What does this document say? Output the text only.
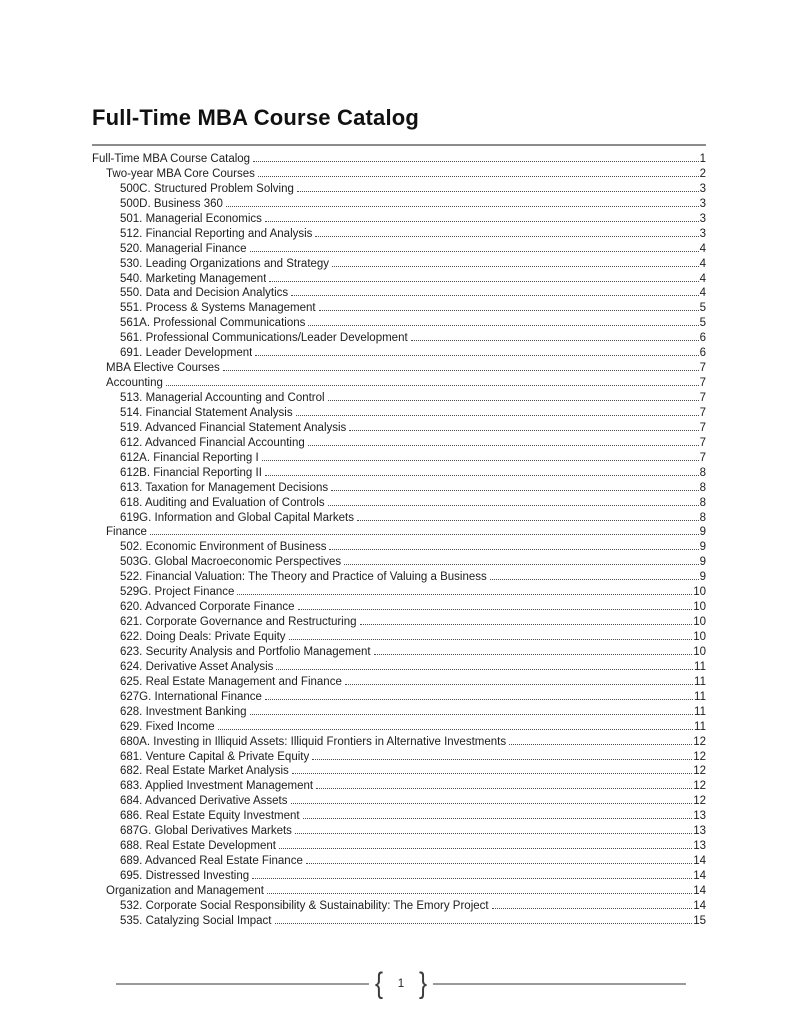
Full-Time MBA Course Catalog
Full-Time MBA Course Catalog	1
Two-year MBA Core Courses	2
500C. Structured Problem Solving	3
500D. Business 360	3
501. Managerial Economics	3
512. Financial Reporting and Analysis	3
520. Managerial Finance	4
530. Leading Organizations and Strategy	4
540. Marketing Management	4
550. Data and Decision Analytics	4
551. Process & Systems Management	5
561A. Professional Communications	5
561. Professional Communications/Leader Development	6
691. Leader Development	6
MBA Elective Courses	7
Accounting	7
513. Managerial Accounting and Control	7
514. Financial Statement Analysis	7
519. Advanced Financial Statement Analysis	7
612. Advanced Financial Accounting	7
612A. Financial Reporting I	7
612B. Financial Reporting II	8
613. Taxation for Management Decisions	8
618. Auditing and Evaluation of Controls	8
619G. Information and Global Capital Markets	8
Finance	9
502. Economic Environment of Business	9
503G. Global Macroeconomic Perspectives	9
522. Financial Valuation: The Theory and Practice of Valuing a Business	9
529G. Project Finance	10
620. Advanced Corporate Finance	10
621. Corporate Governance and Restructuring	10
622. Doing Deals: Private Equity	10
623. Security Analysis and Portfolio Management	10
624. Derivative Asset Analysis	11
625. Real Estate Management and Finance	11
627G. International Finance	11
628. Investment Banking	11
629. Fixed Income	11
680A. Investing in Illiquid Assets: Illiquid Frontiers in Alternative Investments	12
681. Venture Capital & Private Equity	12
682. Real Estate Market Analysis	12
683. Applied Investment Management	12
684. Advanced Derivative Assets	12
686. Real Estate Equity Investment	13
687G. Global Derivatives Markets	13
688. Real Estate Development	13
689. Advanced Real Estate Finance	14
695. Distressed Investing	14
Organization and Management	14
532. Corporate Social Responsibility & Sustainability: The Emory Project	14
535. Catalyzing Social Impact	15
{ 1 }
